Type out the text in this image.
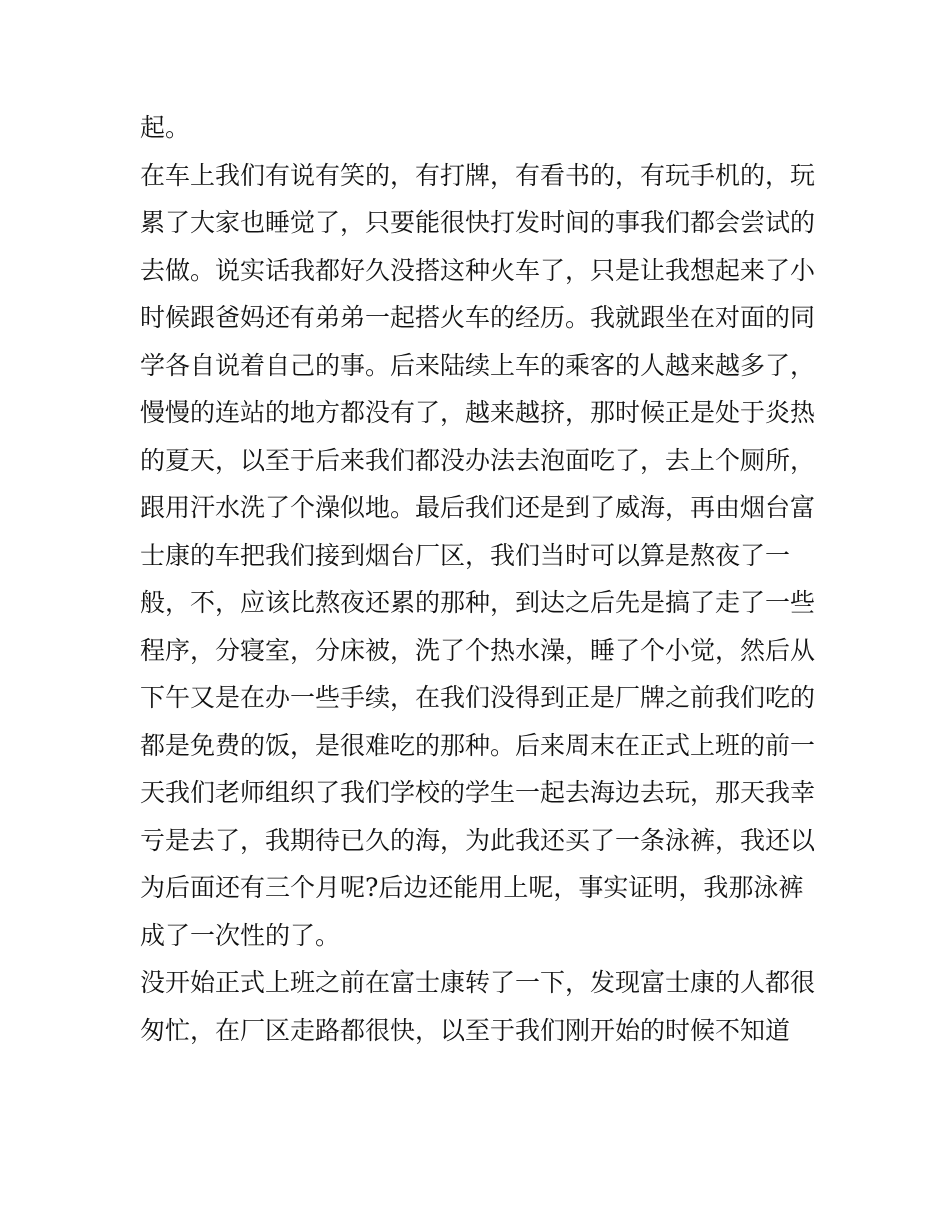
起。
在车上我们有说有笑的，有打牌，有看书的，有玩手机的，玩
累了大家也睡觉了，只要能很快打发时间的事我们都会尝试的
去做。说实话我都好久没搭这种火车了，只是让我想起来了小
时候跟爸妈还有弟弟一起搭火车的经历。我就跟坐在对面的同
学各自说着自己的事。后来陆续上车的乘客的人越来越多了，
慢慢的连站的地方都没有了，越来越挤，那时候正是处于炎热
的夏天，以至于后来我们都没办法去泡面吃了，去上个厕所，
跟用汗水洗了个澡似地。最后我们还是到了威海，再由烟台富
士康的车把我们接到烟台厂区，我们当时可以算是熬夜了一
般，不，应该比熬夜还累的那种，到达之后先是搞了走了一些
程序，分寝室，分床被，洗了个热水澡，睡了个小觉，然后从
下午又是在办一些手续，在我们没得到正是厂牌之前我们吃的
都是免费的饭，是很难吃的那种。后来周末在正式上班的前一
天我们老师组织了我们学校的学生一起去海边去玩，那天我幸
亏是去了，我期待已久的海，为此我还买了一条泳裤，我还以
为后面还有三个月呢?后边还能用上呢，事实证明，我那泳裤
成了一次性的了。
没开始正式上班之前在富士康转了一下，发现富士康的人都很
匆忙，在厂区走路都很快，以至于我们刚开始的时候不知道
